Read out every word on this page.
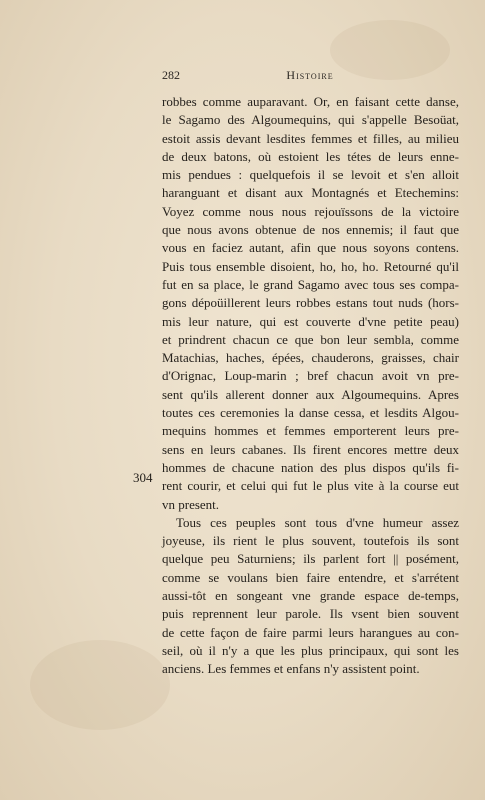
282	Histoire
304
robbes comme auparavant. Or, en faisant cette danse,
le Sagamo des Algoumequins, qui s'appelle Besoüat,
estoit assis devant lesdites femmes et filles, au milieu
de deux batons, où estoient les tétes de leurs enne-
mis pendues : quelquefois il se levoit et s'en alloit
haranguant et disant aux Montagnés et Etechemins:
Voyez comme nous nous rejouïssons de la victoire
que nous avons obtenue de nos ennemis; il faut que
vous en faciez autant, afin que nous soyons contens.
Puis tous ensemble disoient, ho, ho, ho. Retourné qu'il
fut en sa place, le grand Sagamo avec tous ses compa-
gons dépoüillerent leurs robbes estans tout nuds (hors-
mis leur nature, qui est couverte d'vne petite peau)
et prindrent chacun ce que bon leur sembla, comme
Matachias, haches, épées, chauderons, graisses, chair
d'Orignac, Loup-marin ; bref chacun avoit vn pre-
sent qu'ils allerent donner aux Algoumequins. Apres
toutes ces ceremonies la danse cessa, et lesdits Algou-
mequins hommes et femmes emporterent leurs pre-
sens en leurs cabanes. Ils firent encores mettre deux
hommes de chacune nation des plus dispos qu'ils fi-
rent courir, et celui qui fut le plus vite à la course eut
vn present.
Tous ces peuples sont tous d'vne humeur assez
joyeuse, ils rient le plus souvent, toutefois ils sont
quelque peu Saturniens; ils parlent fort || posément,
comme se voulans bien faire entendre, et s'arrétent
aussi-tôt en songeant vne grande espace de-temps,
puis reprennent leur parole. Ils vsent bien souvent
de cette façon de faire parmi leurs harangues au con-
seil, où il n'y a que les plus principaux, qui sont les
anciens. Les femmes et enfans n'y assistent point.
